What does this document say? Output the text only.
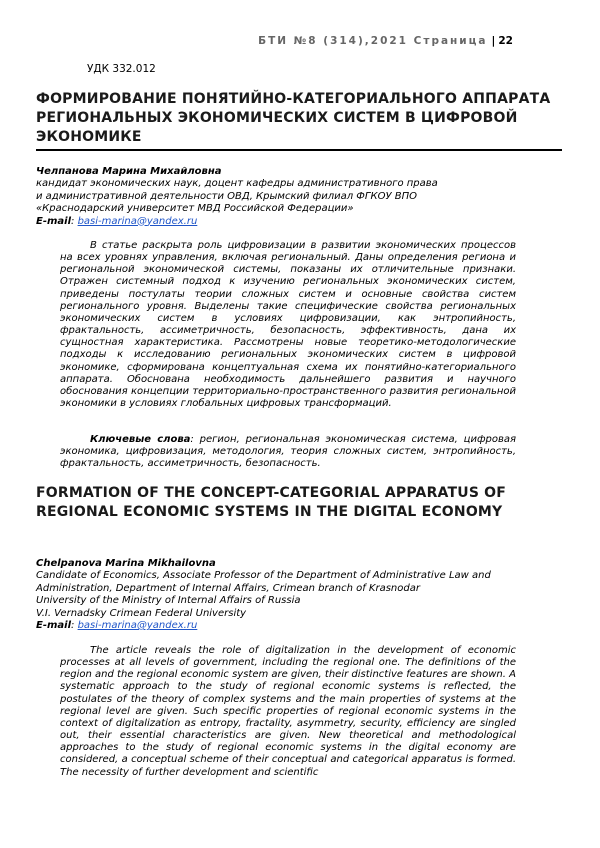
БТИ №8 (314),2021 Страница | 22
УДК 332.012
ФОРМИРОВАНИЕ ПОНЯТИЙНО-КАТЕГОРИАЛЬНОГО АППАРАТА РЕГИОНАЛЬНЫХ ЭКОНОМИЧЕСКИХ СИСТЕМ В ЦИФРОВОЙ ЭКОНОМИКЕ
Челпанова Марина Михайловна
кандидат экономических наук, доцент кафедры административного права
и административной деятельности ОВД, Крымский филиал ФГКОУ ВПО
«Краснодарский университет МВД Российской Федерации»
E-mail: basi-marina@yandex.ru

В статье раскрыта роль цифровизации в развитии экономических процессов на всех уровнях управления, включая региональный. Даны определения региона и региональной экономической системы, показаны их отличительные признаки. Отражен системный подход к изучению региональных экономических систем, приведены постулаты теории сложных систем и основные свойства систем регионального уровня. Выделены такие специфические свойства региональных экономических систем в условиях цифровизации, как энтропийность, фрактальность, ассиметричность, безопасность, эффективность, дана их сущностная характеристика. Рассмотрены новые теоретико-методологические подходы к исследованию региональных экономических систем в цифровой экономике, сформирована концептуальная схема их понятийно-категориального аппарата. Обоснована необходимость дальнейшего развития и научного обоснования концепции территориально-пространственного развития региональной экономики в условиях глобальных цифровых трансформаций.

Ключевые слова: регион, региональная экономическая система, цифровая экономика, цифровизация, методология, теория сложных систем, энтропийность, фрактальность, ассиметричность, безопасность.

FORMATION OF THE CONCEPT-CATEGORIAL APPARATUS OF REGIONAL ECONOMIC SYSTEMS IN THE DIGITAL ECONOMY
Chelpanova Marina Mikhailovna
Candidate of Economics, Associate Professor of the Department of Administrative Law and
Administration, Department of Internal Affairs, Crimean branch of Krasnodar
University of the Ministry of Internal Affairs of Russia
V.I. Vernadsky Crimean Federal University
E-mail: basi-marina@yandex.ru

The article reveals the role of digitalization in the development of economic processes at all levels of government, including the regional one. The definitions of the region and the regional economic system are given, their distinctive features are shown. A systematic approach to the study of regional economic systems is reflected, the postulates of the theory of complex systems and the main properties of systems at the regional level are given. Such specific properties of regional economic systems in the context of digitalization as entropy, fractality, asymmetry, security, efficiency are singled out, their essential characteristics are given. New theoretical and methodological approaches to the study of regional economic systems in the digital economy are considered, a conceptual scheme of their conceptual and categorical apparatus is formed. The necessity of further development and scientific
